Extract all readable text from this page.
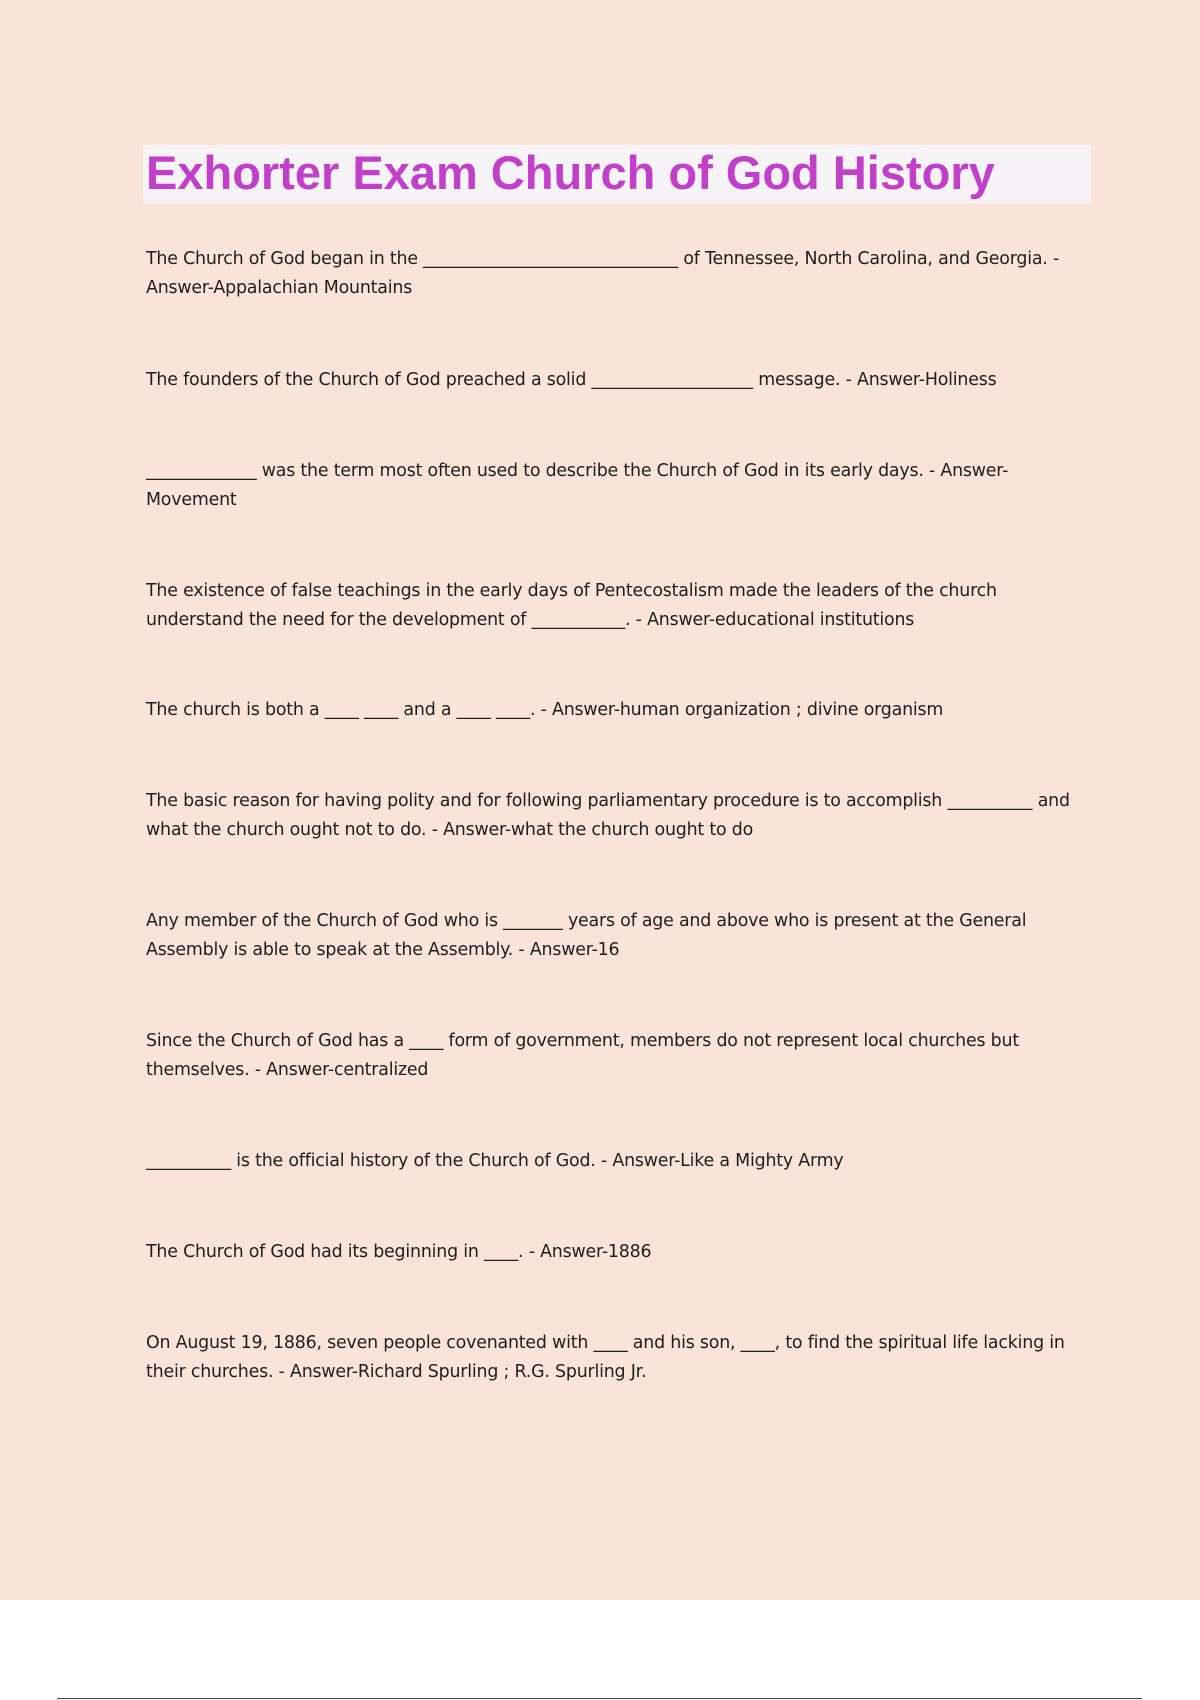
Exhorter Exam Church of God History

The Church of God began in the ______________________________ of Tennessee, North Carolina, and Georgia. - Answer-Appalachian Mountains

The founders of the Church of God preached a solid ___________________ message. - Answer-Holiness

_____________ was the term most often used to describe the Church of God in its early days. - Answer-Movement

The existence of false teachings in the early days of Pentecostalism made the leaders of the church understand the need for the development of ___________. - Answer-educational institutions

The church is both a ____ ____ and a ____ ____. - Answer-human organization ; divine organism

The basic reason for having polity and for following parliamentary procedure is to accomplish __________ and what the church ought not to do. - Answer-what the church ought to do

Any member of the Church of God who is _______ years of age and above who is present at the General Assembly is able to speak at the Assembly. - Answer-16

Since the Church of God has a ____ form of government, members do not represent local churches but themselves. - Answer-centralized

__________ is the official history of the Church of God. - Answer-Like a Mighty Army

The Church of God had its beginning in ____. - Answer-1886

On August 19, 1886, seven people covenanted with ____ and his son, ____, to find the spiritual life lacking in their churches. - Answer-Richard Spurling ; R.G. Spurling Jr.
